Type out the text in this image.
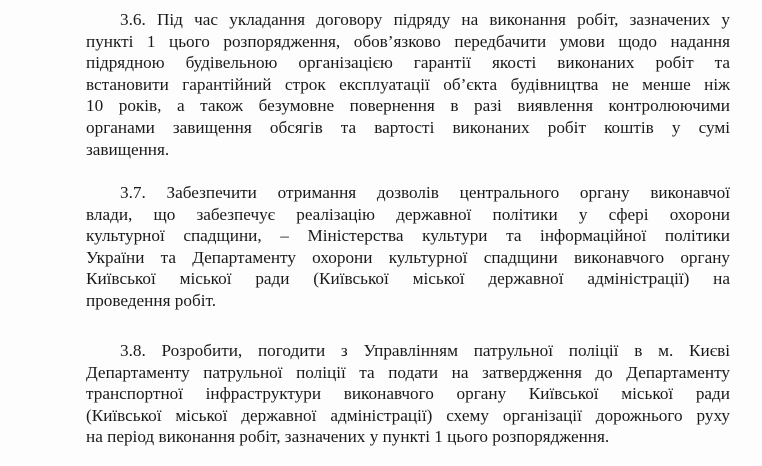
3.6. Під час укладання договору підряду на виконання робіт, зазначених у
пункті 1 цього розпорядження, обов’язково передбачити умови щодо надання
підрядною будівельною організацією гарантії якості виконаних робіт та
встановити гарантійний строк експлуатації об’єкта будівництва не менше ніж
10 років, а також безумовне повернення в разі виявлення контролюючими
органами завищення обсягів та вартості виконаних робіт коштів у сумі
завищення.
3.7. Забезпечити отримання дозволів центрального органу виконавчої
влади, що забезпечує реалізацію державної політики у сфері охорони
культурної спадщини, – Міністерства культури та інформаційної політики
України та Департаменту охорони культурної спадщини виконавчого органу
Київської міської ради (Київської міської державної адміністрації) на
проведення робіт.
3.8. Розробити, погодити з Управлінням патрульної поліції в м. Києві
Департаменту патрульної поліції та подати на затвердження до Департаменту
транспортної інфраструктури виконавчого органу Київської міської ради
(Київської міської державної адміністрації) схему організації дорожнього руху
на період виконання робіт, зазначених у пункті 1 цього розпорядження.
